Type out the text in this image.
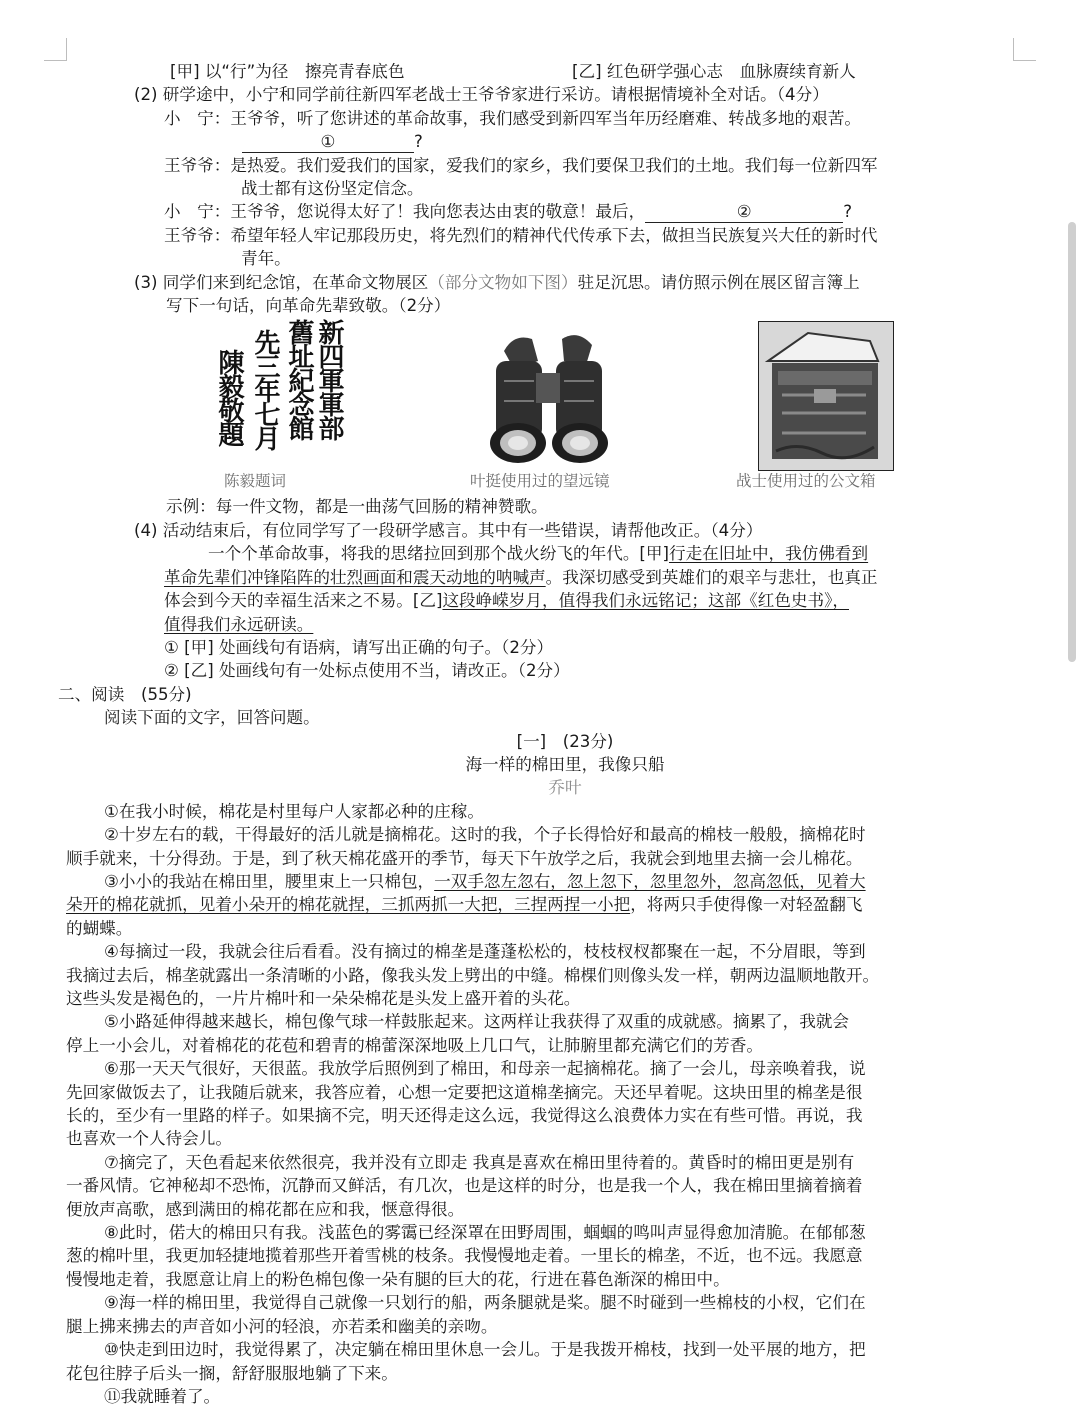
[甲] 以“行”为径　擦亮青春底色	[乙] 红色研学强心志　血脉赓续育新人
(2) 研学途中，小宁和同学前往新四军老战士王爷爷家进行采访。请根据情境补全对话。（4分）
小　宁：王爷爷，听了您讲述的革命故事，我们感受到新四军当年历经磨难、转战多地的艰苦。
①	?
王爷爷：是热爱。我们爱我们的国家，爱我们的家乡，我们要保卫我们的土地。我们每一位新四军
战士都有这份坚定信念。
小　宁：王爷爷，您说得太好了！我向您表达由衷的敬意！最后，	②	?
王爷爷：希望年轻人牢记那段历史，将先烈们的精神代代传承下去，做担当民族复兴大任的新时代
青年。
(3) 同学们来到纪念馆，在革命文物展区（部分文物如下图）驻足沉思。请仿照示例在展区留言簿上
写下一句话，向革命先辈致敬。（2分）
新四軍軍部
舊址紀念館
先三年七月
陳毅敬題
陈毅题词	叶挺使用过的望远镜	战士使用过的公文箱
示例：每一件文物，都是一曲荡气回肠的精神赞歌。
(4) 活动结束后，有位同学写了一段研学感言。其中有一些错误，请帮他改正。（4分）
一个个革命故事，将我的思绪拉回到那个战火纷飞的年代。[甲]行走在旧址中，我仿佛看到
革命先辈们冲锋陷阵的壮烈画面和震天动地的呐喊声。我深切感受到英雄们的艰辛与悲壮，也真正
体会到今天的幸福生活来之不易。[乙]这段峥嵘岁月，值得我们永远铭记；这部《红色史书》，
值得我们永远研读。
① [甲] 处画线句有语病，请写出正确的句子。（2分）
② [乙] 处画线句有一处标点使用不当，请改正。（2分）
二、阅读　(55分)
阅读下面的文字，回答问题。
[一]　(23分)
海一样的棉田里，我像只船
乔叶
①在我小时候，棉花是村里每户人家都必种的庄稼。
②十岁左右的载，干得最好的活儿就是摘棉花。这时的我，个子长得恰好和最高的棉枝一般般，摘棉花时
顺手就来，十分得劲。于是，到了秋天棉花盛开的季节，每天下午放学之后，我就会到地里去摘一会儿棉花。
③小小的我站在棉田里，腰里束上一只棉包，一双手忽左忽右，忽上忽下，忽里忽外，忽高忽低，见着大
朵开的棉花就抓，见着小朵开的棉花就捏，三抓两抓一大把，三捏两捏一小把，将两只手使得像一对轻盈翻飞
的蝴蝶。
④每摘过一段，我就会往后看看。没有摘过的棉垄是蓬蓬松松的，枝枝杈杈都聚在一起，不分眉眼，等到
我摘过去后，棉垄就露出一条清晰的小路，像我头发上劈出的中缝。棉棵们则像头发一样，朝两边温顺地散开。
这些头发是褐色的，一片片棉叶和一朵朵棉花是头发上盛开着的头花。
⑤小路延伸得越来越长，棉包像气球一样鼓胀起来。这两样让我获得了双重的成就感。摘累了，我就会
停上一小会儿，对着棉花的花苞和碧青的棉蕾深深地吸上几口气，让肺腑里都充满它们的芳香。
⑥那一天天气很好，天很蓝。我放学后照例到了棉田，和母亲一起摘棉花。摘了一会儿，母亲唤着我，说
先回家做饭去了，让我随后就来，我答应着，心想一定要把这道棉垄摘完。天还早着呢。这块田里的棉垄是很
长的，至少有一里路的样子。如果摘不完，明天还得走这么远，我觉得这么浪费体力实在有些可惜。再说，我
也喜欢一个人待会儿。
⑦摘完了，天色看起来依然很亮，我并没有立即走 我真是喜欢在棉田里待着的。黄昏时的棉田更是别有
一番风情。它神秘却不恐怖，沉静而又鲜活，有几次，也是这样的时分，也是我一个人，我在棉田里摘着摘着
便放声高歌，感到满田的棉花都在应和我，惬意得很。
⑧此时，偌大的棉田只有我。浅蓝色的雾霭已经深罩在田野周围，蝈蝈的鸣叫声显得愈加清脆。在郁郁葱
葱的棉叶里，我更加轻捷地揽着那些开着雪桃的枝条。我慢慢地走着。一里长的棉垄，不近，也不远。我愿意
慢慢地走着，我愿意让肩上的粉色棉包像一朵有腿的巨大的花，行进在暮色渐深的棉田中。
⑨海一样的棉田里，我觉得自己就像一只划行的船，两条腿就是桨。腿不时碰到一些棉枝的小杈，它们在
腿上拂来拂去的声音如小河的轻浪，亦若柔和幽美的亲吻。
⑩快走到田边时，我觉得累了，决定躺在棉田里休息一会儿。于是我拨开棉枝，找到一处平展的地方，把
花包往脖子后头一搁，舒舒服服地躺了下来。
⑪我就睡着了。
